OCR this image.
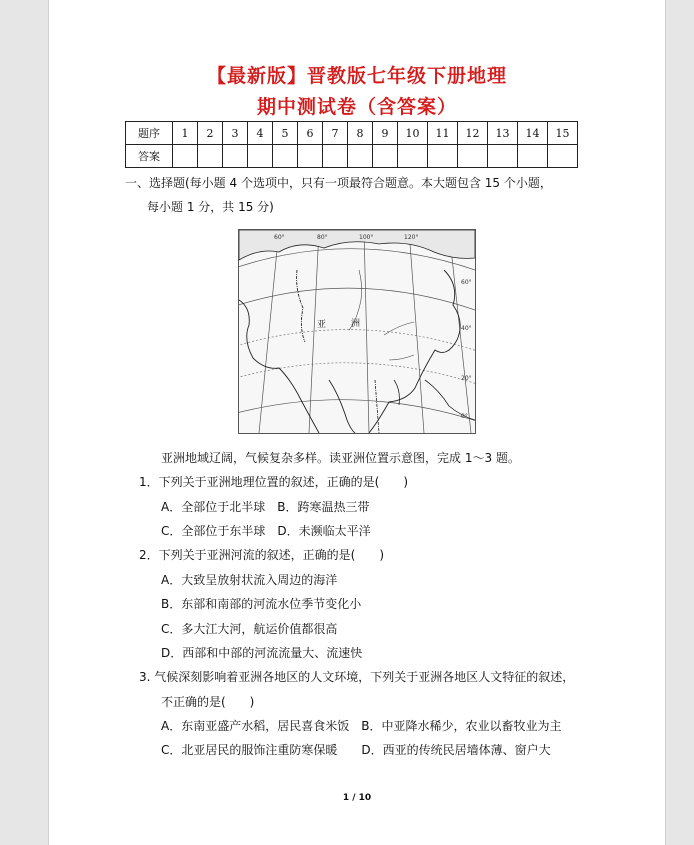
【最新版】晋教版七年级下册地理
期中测试卷（含答案）
题序	1	2	3	4	5	6	7	8	9	10	11	12	13	14	15
答案															
一、选择题(每小题 4 个选项中，只有一项最符合题意。本大题包含 15 个小题，
每小题 1 分，共 15 分)
亚	洲
60°	80°	100°	120°
60°
40°
20°
0°
亚洲地域辽阔，气候复杂多样。读亚洲位置示意图，完成 1～3 题。
1．下列关于亚洲地理位置的叙述，正确的是(　　)
A．全部位于北半球　B．跨寒温热三带
C．全部位于东半球　D．未濒临太平洋
2．下列关于亚洲河流的叙述，正确的是(　　)
A．大致呈放射状流入周边的海洋
B．东部和南部的河流水位季节变化小
C．多大江大河，航运价值都很高
D．西部和中部的河流流量大、流速快
3. 气候深刻影响着亚洲各地区的人文环境，下列关于亚洲各地区人文特征的叙述，
不正确的是(　　)
A．东南亚盛产水稻，居民喜食米饭　B．中亚降水稀少，农业以畜牧业为主
C．北亚居民的服饰注重防寒保暖　　D．西亚的传统民居墙体薄、窗户大
1 / 10
